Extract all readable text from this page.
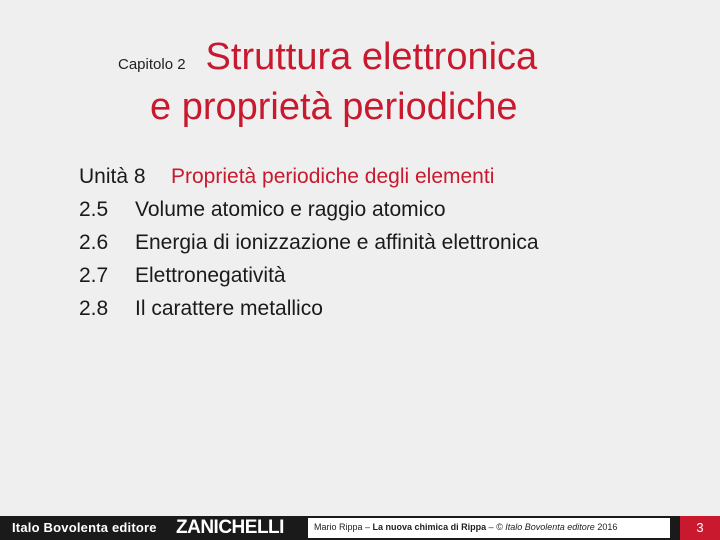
Capitolo 2 Struttura elettronica
e proprietà periodiche
Unità 8 Proprietà periodiche degli elementi
2.5 Volume atomico e raggio atomico
2.6 Energia di ionizzazione e affinità elettronica
2.7 Elettronegatività
2.8 Il carattere metallico
Italo Bovolenta editore ZANICHELLI	Mario Rippa – La nuova chimica di Rippa – © Italo Bovolenta editore 2016	3
